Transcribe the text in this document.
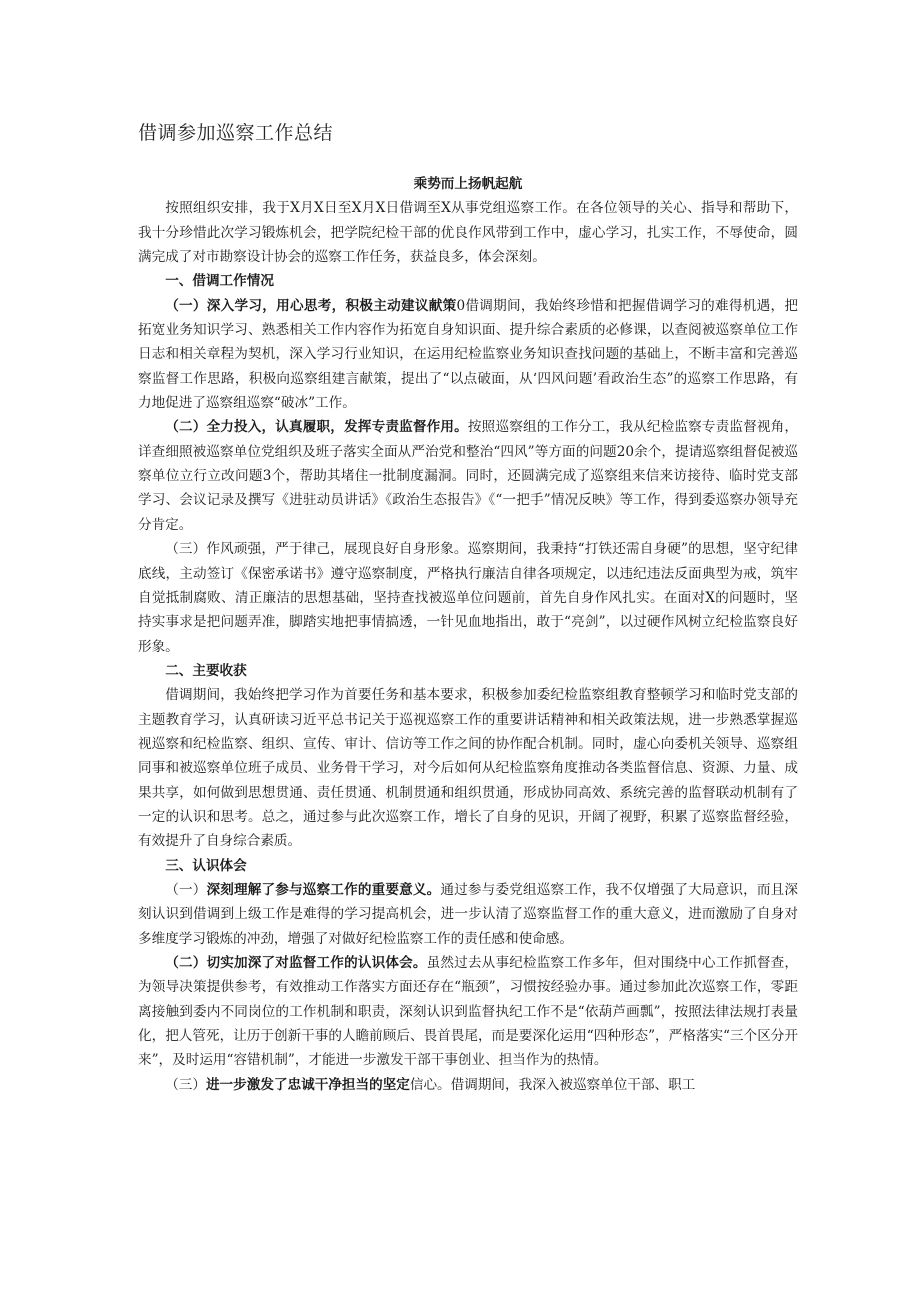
借调参加巡察工作总结
乘势而上扬帆起航

按照组织安排，我于X月X日至X月X日借调至X从事党组巡察工作。在各位领导的关心、指导和帮助下，我十分珍惜此次学习锻炼机会，把学院纪检干部的优良作风带到工作中，虚心学习，扎实工作，不辱使命，圆满完成了对市勘察设计协会的巡察工作任务，获益良多，体会深刻。

一、借调工作情况

（一）深入学习，用心思考，积极主动建议献策0借调期间，我始终珍惜和把握借调学习的难得机遇，把拓宽业务知识学习、熟悉相关工作内容作为拓宽自身知识面、提升综合素质的必修课，以查阅被巡察单位工作日志和相关章程为契机，深入学习行业知识，在运用纪检监察业务知识查找问题的基础上，不断丰富和完善巡察监督工作思路，积极向巡察组建言献策，提出了“以点破面，从‘四风问题’看政治生态”的巡察工作思路，有力地促进了巡察组巡察“破冰”工作。

（二）全力投入，认真履职，发挥专责监督作用。按照巡察组的工作分工，我从纪检监察专责监督视角，详查细照被巡察单位党组织及班子落实全面从严治党和整治“四风”等方面的问题20余个，提请巡察组督促被巡察单位立行立改问题3个，帮助其堵住一批制度漏洞。同时，还圆满完成了巡察组来信来访接待、临时党支部学习、会议记录及撰写《进驻动员讲话》《政治生态报告》《“一把手”情况反映》等工作，得到委巡察办领导充分肯定。

（三）作风顽强，严于律己，展现良好自身形象。巡察期间，我秉持“打铁还需自身硬”的思想，坚守纪律底线，主动签订《保密承诺书》遵守巡察制度，严格执行廉洁自律各项规定，以违纪违法反面典型为戒，筑牢自觉抵制腐败、清正廉洁的思想基础，坚持查找被巡单位问题前，首先自身作风扎实。在面对X的问题时，坚持实事求是把问题弄准，脚踏实地把事情搞透，一针见血地指出，敢于“亮剑”，以过硬作风树立纪检监察良好形象。

二、主要收获

借调期间，我始终把学习作为首要任务和基本要求，积极参加委纪检监察组教育整顿学习和临时党支部的主题教育学习，认真研读习近平总书记关于巡视巡察工作的重要讲话精神和相关政策法规，进一步熟悉掌握巡视巡察和纪检监察、组织、宣传、审计、信访等工作之间的协作配合机制。同时，虚心向委机关领导、巡察组同事和被巡察单位班子成员、业务骨干学习，对今后如何从纪检监察角度推动各类监督信息、资源、力量、成果共享，如何做到思想贯通、责任贯通、机制贯通和组织贯通，形成协同高效、系统完善的监督联动机制有了一定的认识和思考。总之，通过参与此次巡察工作，增长了自身的见识，开阔了视野，积累了巡察监督经验，有效提升了自身综合素质。

三、认识体会

（一）深刻理解了参与巡察工作的重要意义。通过参与委党组巡察工作，我不仅增强了大局意识，而且深刻认识到借调到上级工作是难得的学习提高机会，进一步认清了巡察监督工作的重大意义，进而激励了自身对多维度学习锻炼的冲劲，增强了对做好纪检监察工作的责任感和使命感。

（二）切实加深了对监督工作的认识体会。虽然过去从事纪检监察工作多年，但对围绕中心工作抓督查，为领导决策提供参考，有效推动工作落实方面还存在“瓶颈”，习惯按经验办事。通过参加此次巡察工作，零距离接触到委内不同岗位的工作机制和职责，深刻认识到监督执纪工作不是“依葫芦画瓢”，按照法律法规打表量化，把人管死，让历于创新干事的人瞻前顾后、畏首畏尾，而是要深化运用“四种形态”，严格落实“三个区分开来”，及时运用“容错机制”，才能进一步激发干部干事创业、担当作为的热情。

（三）进一步激发了忠诚干净担当的坚定信心。借调期间，我深入被巡察单位干部、职工
